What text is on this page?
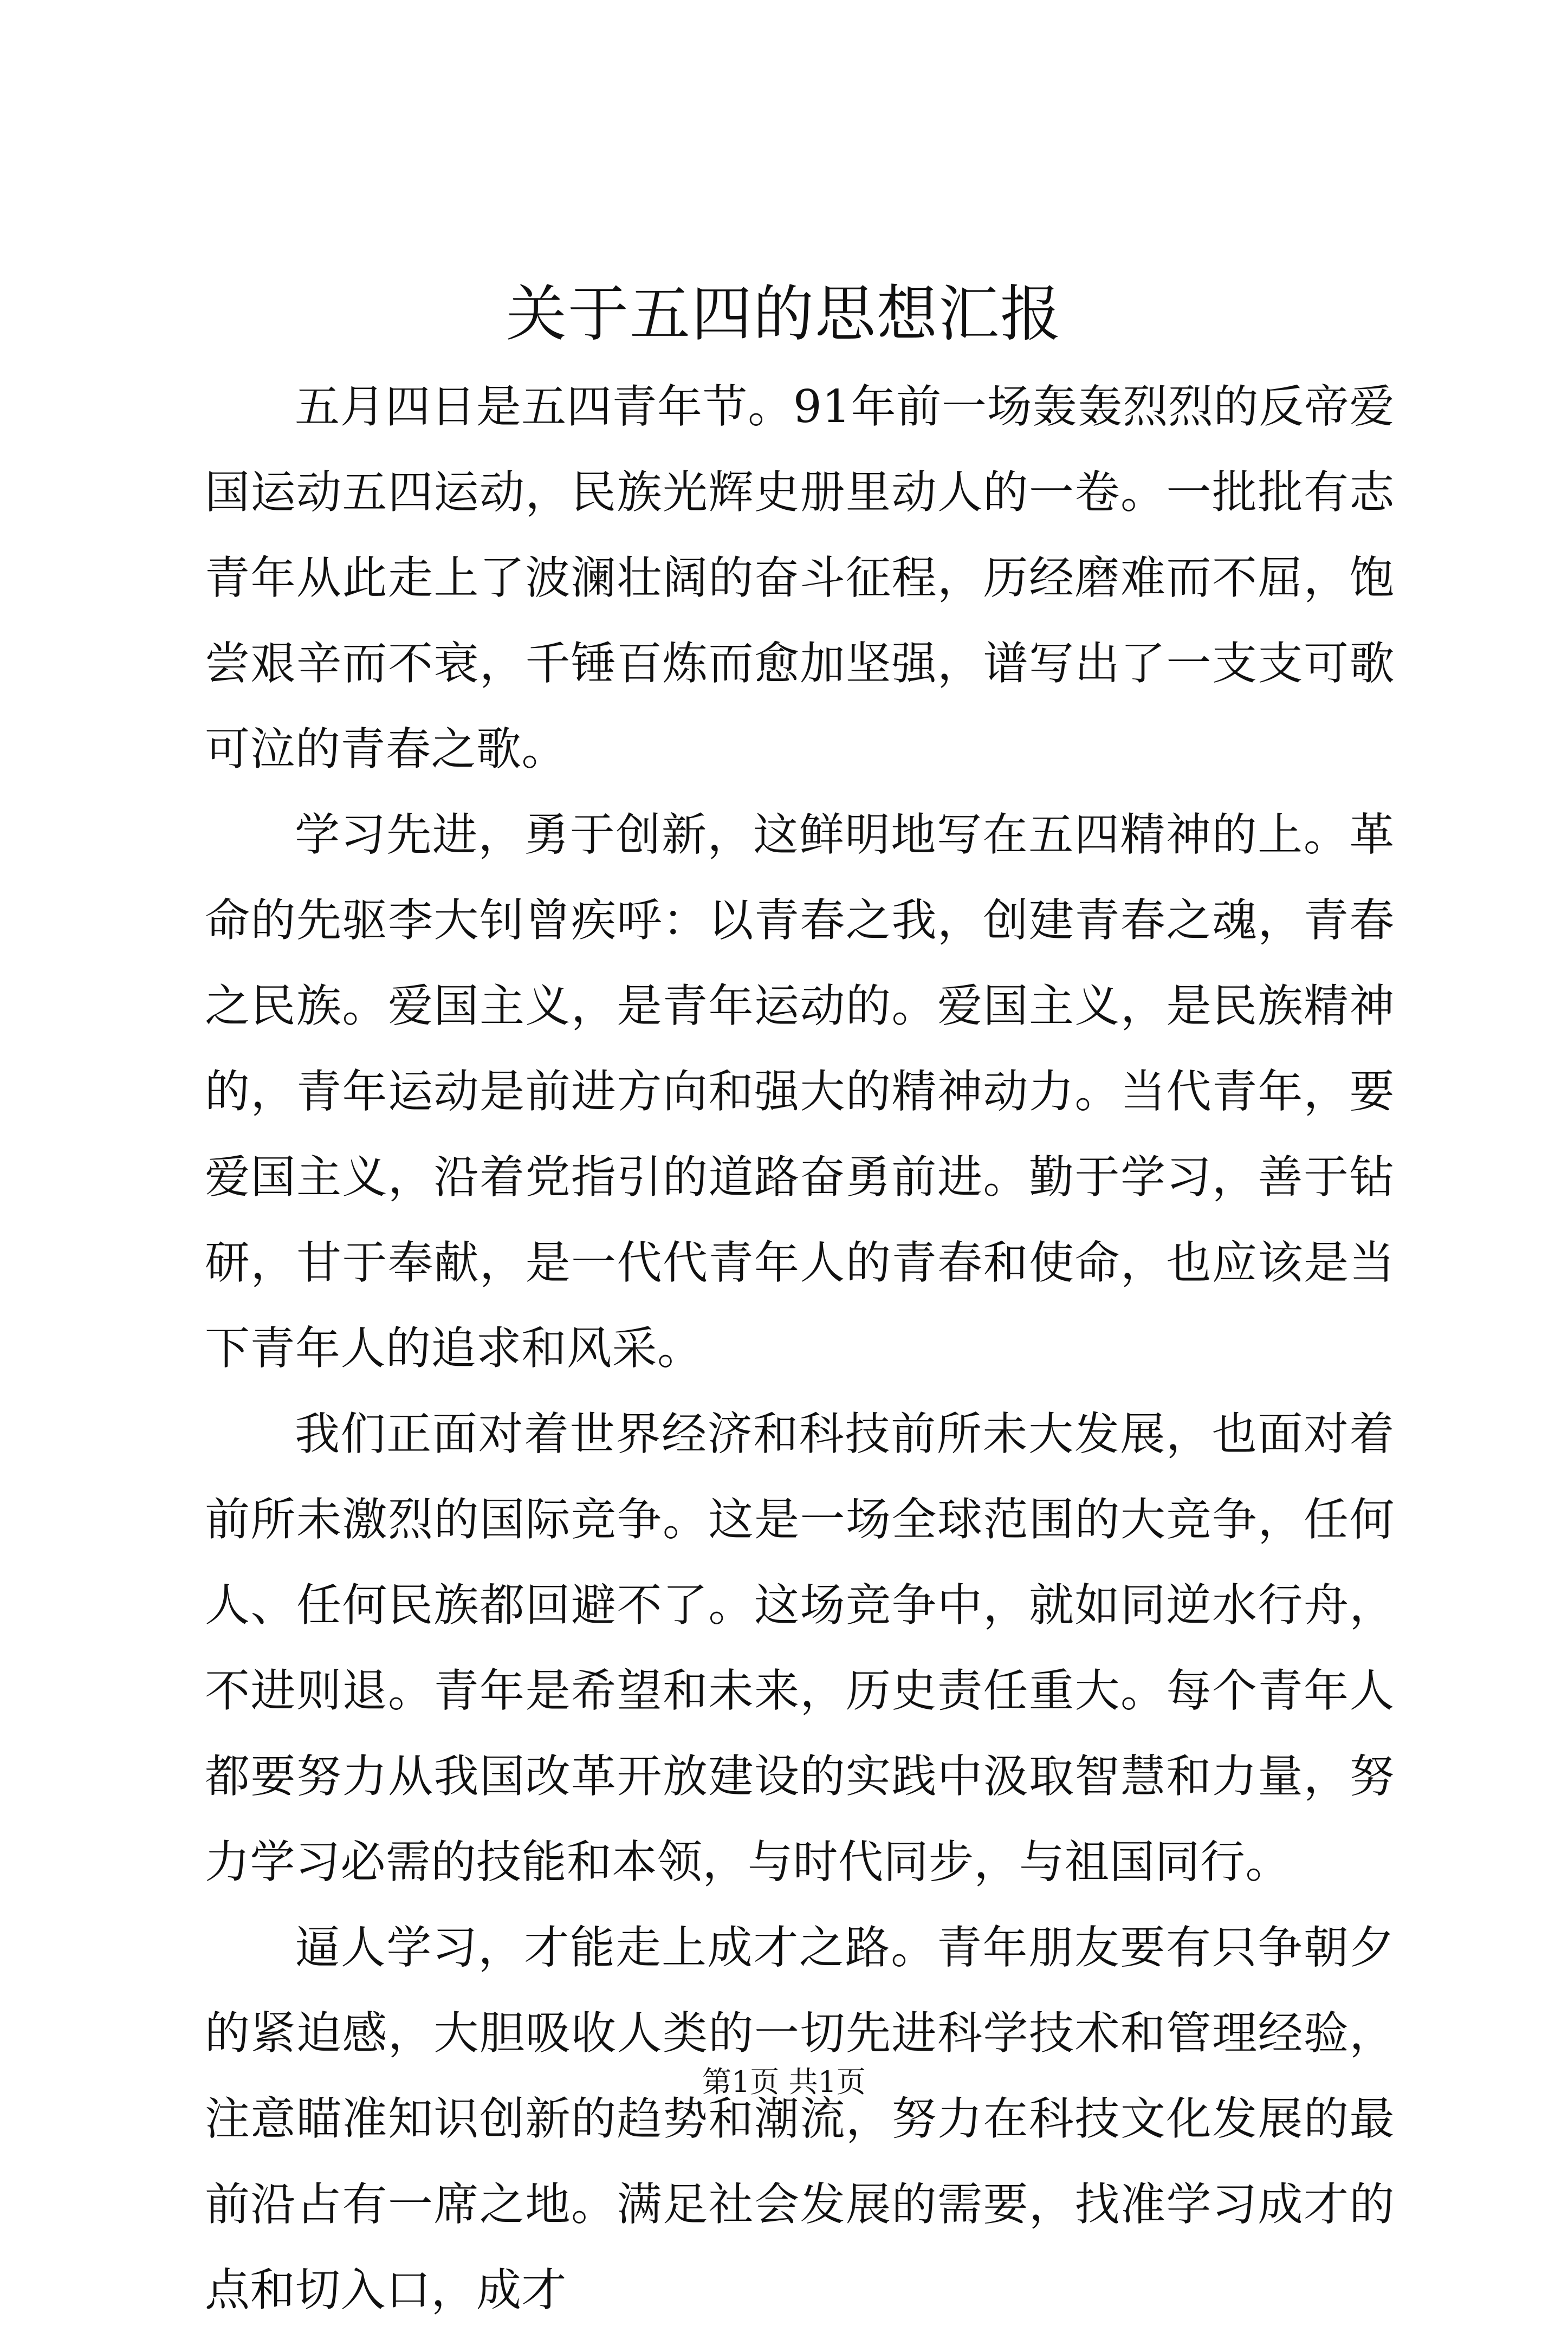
关于五四的思想汇报

五月四日是五四青年节。91年前一场轰轰烈烈的反帝爱国运动五四运动，民族光辉史册里动人的一卷。一批批有志青年从此走上了波澜壮阔的奋斗征程，历经磨难而不屈，饱尝艰辛而不衰，千锤百炼而愈加坚强，谱写出了一支支可歌可泣的青春之歌。

学习先进，勇于创新，这鲜明地写在五四精神的上。革命的先驱李大钊曾疾呼：以青春之我，创建青春之魂，青春之民族。爱国主义，是青年运动的。爱国主义，是民族精神的，青年运动是前进方向和强大的精神动力。当代青年，要爱国主义，沿着党指引的道路奋勇前进。勤于学习，善于钻研，甘于奉献，是一代代青年人的青春和使命，也应该是当下青年人的追求和风采。

我们正面对着世界经济和科技前所未大发展，也面对着前所未激烈的国际竞争。这是一场全球范围的大竞争，任何人、任何民族都回避不了。这场竞争中，就如同逆水行舟，不进则退。青年是希望和未来，历史责任重大。每个青年人都要努力从我国改革开放建设的实践中汲取智慧和力量，努力学习必需的技能和本领，与时代同步，与祖国同行。

逼人学习，才能走上成才之路。青年朋友要有只争朝夕的紧迫感，大胆吸收人类的一切先进科学技术和管理经验，注意瞄准知识创新的趋势和潮流，努力在科技文化发展的最前沿占有一席之地。满足社会发展的需要，找准学习成才的点和切入口，成才

第1页 共1页
